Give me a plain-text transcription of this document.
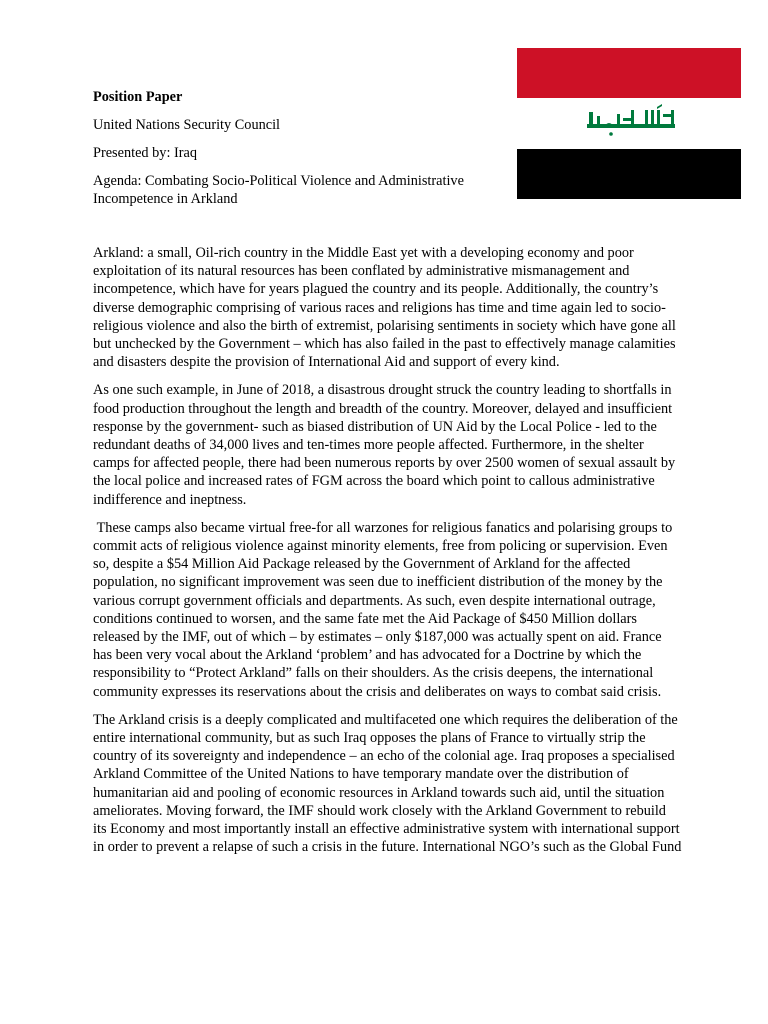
Position Paper

United Nations Security Council

Presented by: Iraq

Agenda: Combating Socio-Political Violence and Administrative Incompetence in Arkland

Arkland: a small, Oil-rich country in the Middle East yet with a developing economy and poor exploitation of its natural resources has been conflated by administrative mismanagement and incompetence, which have for years plagued the country and its people. Additionally, the country’s diverse demographic comprising of various races and religions has time and time again led to socio-religious violence and also the birth of extremist, polarising sentiments in society which have gone all but unchecked by the Government – which has also failed in the past to effectively manage calamities and disasters despite the provision of International Aid and support of every kind.

As one such example, in June of 2018, a disastrous drought struck the country leading to shortfalls in food production throughout the length and breadth of the country. Moreover, delayed and insufficient response by the government- such as biased distribution of UN Aid by the Local Police - led to the redundant deaths of 34,000 lives and ten-times more people affected. Furthermore, in the shelter camps for affected people, there had been numerous reports by over 2500 women of sexual assault by the local police and increased rates of FGM across the board which point to callous administrative indifference and ineptness.

These camps also became virtual free-for all warzones for religious fanatics and polarising groups to commit acts of religious violence against minority elements, free from policing or supervision. Even so, despite a $54 Million Aid Package released by the Government of Arkland for the affected population, no significant improvement was seen due to inefficient distribution of the money by the various corrupt government officials and departments. As such, even despite international outrage, conditions continued to worsen, and the same fate met the Aid Package of $450 Million dollars released by the IMF, out of which – by estimates – only $187,000 was actually spent on aid. France has been very vocal about the Arkland ‘problem’ and has advocated for a Doctrine by which the responsibility to “Protect Arkland” falls on their shoulders. As the crisis deepens, the international community expresses its reservations about the crisis and deliberates on ways to combat said crisis.

The Arkland crisis is a deeply complicated and multifaceted one which requires the deliberation of the entire international community, but as such Iraq opposes the plans of France to virtually strip the country of its sovereignty and independence – an echo of the colonial age. Iraq proposes a specialised Arkland Committee of the United Nations to have temporary mandate over the distribution of humanitarian aid and pooling of economic resources in Arkland towards such aid, until the situation ameliorates. Moving forward, the IMF should work closely with the Arkland Government to rebuild its Economy and most importantly install an effective administrative system with international support in order to prevent a relapse of such a crisis in the future. International NGO’s such as the Global Fund
